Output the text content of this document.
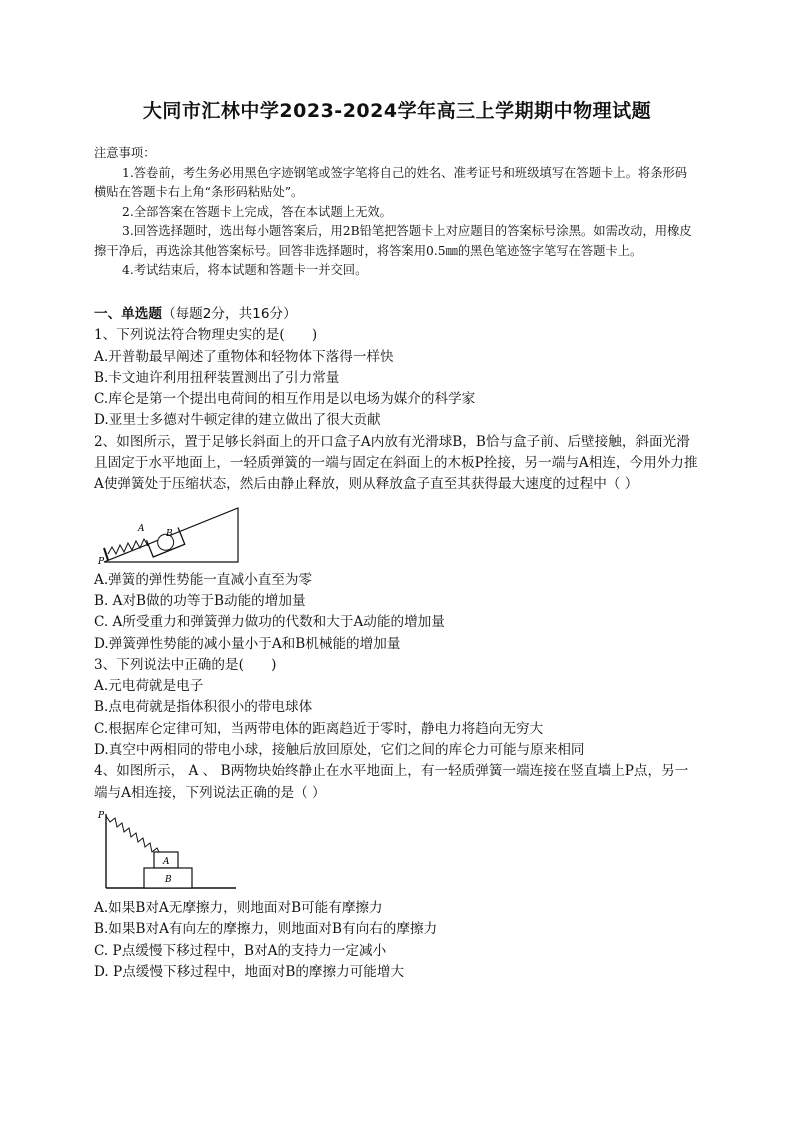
大同市汇林中学2023-2024学年高三上学期期中物理试题

注意事项：

1.答卷前，考生务必用黑色字迹钢笔或签字笔将自己的姓名、准考证号和班级填写在答题卡上。将条形码横贴在答题卡右上角“条形码粘贴处”。

2.全部答案在答题卡上完成，答在本试题上无效。

3.回答选择题时，选出每小题答案后，用2B铅笔把答题卡上对应题目的答案标号涂黑。如需改动，用橡皮擦干净后，再选涂其他答案标号。回答非选择题时，将答案用0.5㎜的黑色笔迹签字笔写在答题卡上。

4.考试结束后，将本试题和答题卡一并交回。

一、单选题（每题2分，共16分）

1、下列说法符合物理史实的是(　　)

A.开普勒最早阐述了重物体和轻物体下落得一样快

B.卡文迪许利用扭秤装置测出了引力常量

C.库仑是第一个提出电荷间的相互作用是以电场为媒介的科学家

D.亚里士多德对牛顿定律的建立做出了很大贡献

2、如图所示，置于足够长斜面上的开口盒子A内放有光滑球B，B恰与盒子前、后壁接触，斜面光滑且固定于水平地面上，一轻质弹簧的一端与固定在斜面上的木板P拴接，另一端与A相连，今用外力推A使弹簧处于压缩状态，然后由静止释放，则从释放盒子直至其获得最大速度的过程中（ ）

A B
P

A.弹簧的弹性势能一直减小直至为零

B. A对B做的功等于B动能的增加量

C. A所受重力和弹簧弹力做功的代数和大于A动能的增加量

D.弹簧弹性势能的减小量小于A和B机械能的增加量

3、下列说法中正确的是(　　)

A.元电荷就是电子

B.点电荷就是指体积很小的带电球体

C.根据库仑定律可知，当两带电体的距离趋近于零时，静电力将趋向无穷大

D.真空中两相同的带电小球，接触后放回原处，它们之间的库仑力可能与原来相同

4、如图所示， A 、 B两物块始终静止在水平地面上，有一轻质弹簧一端连接在竖直墙上P点，另一端与A相连接，下列说法正确的是（ ）

P
A
B

A.如果B对A无摩擦力，则地面对B可能有摩擦力

B.如果B对A有向左的摩擦力，则地面对B有向右的摩擦力

C. P点缓慢下移过程中，B对A的支持力一定减小

D. P点缓慢下移过程中，地面对B的摩擦力可能增大
